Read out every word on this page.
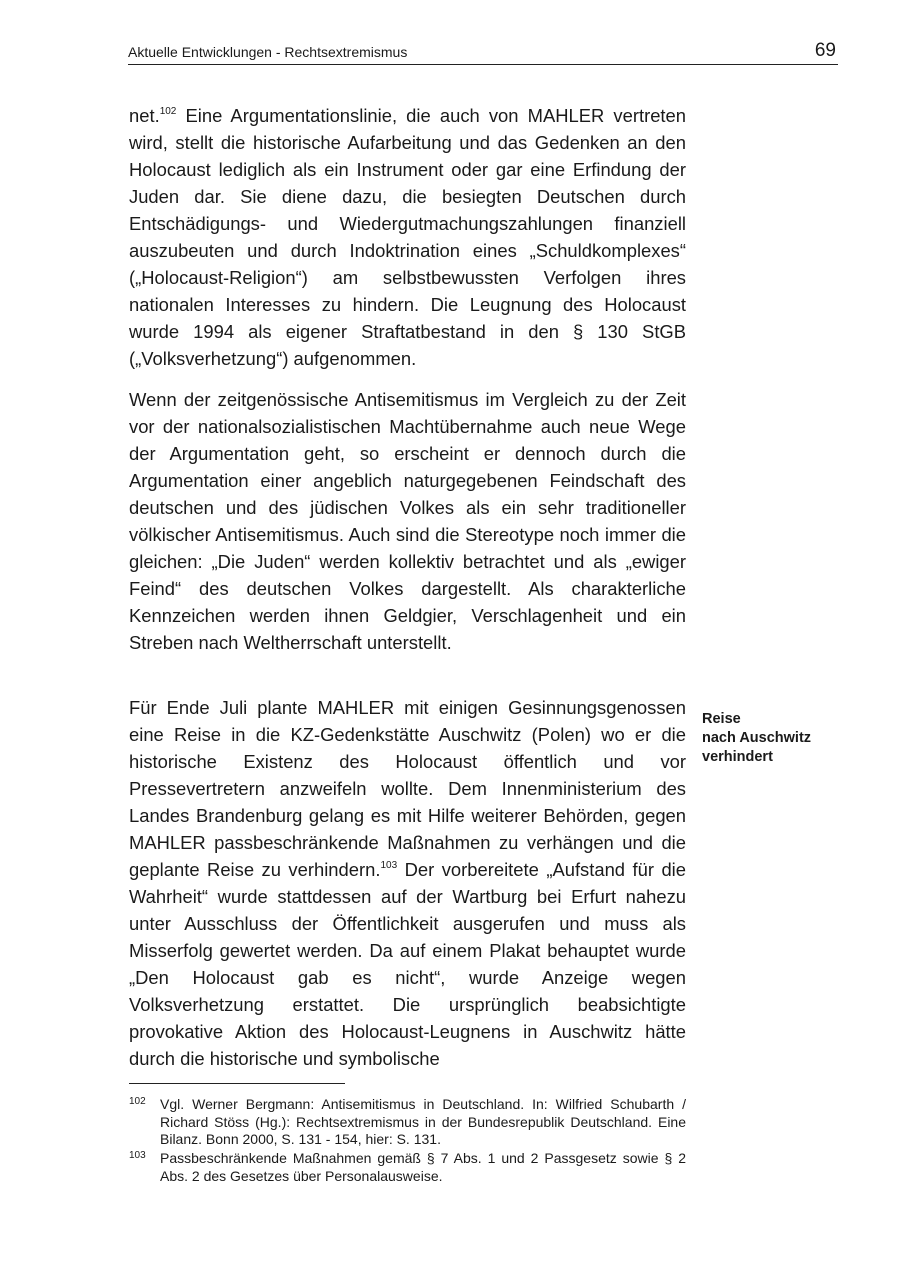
Aktuelle Entwicklungen - Rechtsextremismus	69

net.$^{102}$ Eine Argumentationslinie, die auch von MAHLER vertreten wird, stellt die historische Aufarbeitung und das Gedenken an den Holocaust lediglich als ein Instrument oder gar eine Erfindung der Juden dar. Sie diene dazu, die besiegten Deutschen durch Entschädigungs- und Wiedergutmachungszahlungen finanziell auszubeuten und durch Indoktrination eines „Schuldkomplexes“ („Holocaust-Religion“) am selbstbewussten Verfolgen ihres nationalen Interesses zu hindern. Die Leugnung des Holocaust wurde 1994 als eigener Straftatbestand in den § 130 StGB („Volksverhetzung“) aufgenommen.

Wenn der zeitgenössische Antisemitismus im Vergleich zu der Zeit vor der nationalsozialistischen Machtübernahme auch neue Wege der Argumentation geht, so erscheint er dennoch durch die Argumentation einer angeblich naturgegebenen Feindschaft des deutschen und des jüdischen Volkes als ein sehr traditioneller völkischer Antisemitismus. Auch sind die Stereotype noch immer die gleichen: „Die Juden“ werden kollektiv betrachtet und als „ewiger Feind“ des deutschen Volkes dargestellt. Als charakterliche Kennzeichen werden ihnen Geldgier, Verschlagenheit und ein Streben nach Weltherrschaft unterstellt.

Für Ende Juli plante MAHLER mit einigen Gesinnungsgenossen eine Reise in die KZ-Gedenkstätte Auschwitz (Polen) wo er die historische Existenz des Holocaust öffentlich und vor Pressevertretern anzweifeln wollte. Dem Innenministerium des Landes Brandenburg gelang es mit Hilfe weiterer Behörden, gegen MAHLER passbeschränkende Maßnahmen zu verhängen und die geplante Reise zu verhindern.$^{103}$ Der vorbereitete „Aufstand für die Wahrheit“ wurde stattdessen auf der Wartburg bei Erfurt nahezu unter Ausschluss der Öffentlichkeit ausgerufen und muss als Misserfolg gewertet werden. Da auf einem Plakat behauptet wurde „Den Holocaust gab es nicht“, wurde Anzeige wegen Volksverhetzung erstattet. Die ursprünglich beabsichtigte provokative Aktion des Holocaust-Leugnens in Auschwitz hätte durch die historische und symbolische

Reise
nach Auschwitz
verhindert
102 Vgl. Werner Bergmann: Antisemitismus in Deutschland. In: Wilfried Schubarth / Richard Stöss (Hg.): Rechtsextremismus in der Bundesrepublik Deutschland. Eine Bilanz. Bonn 2000, S. 131 - 154, hier: S. 131.
103 Passbeschränkende Maßnahmen gemäß § 7 Abs. 1 und 2 Passgesetz sowie § 2 Abs. 2 des Gesetzes über Personalausweise.
